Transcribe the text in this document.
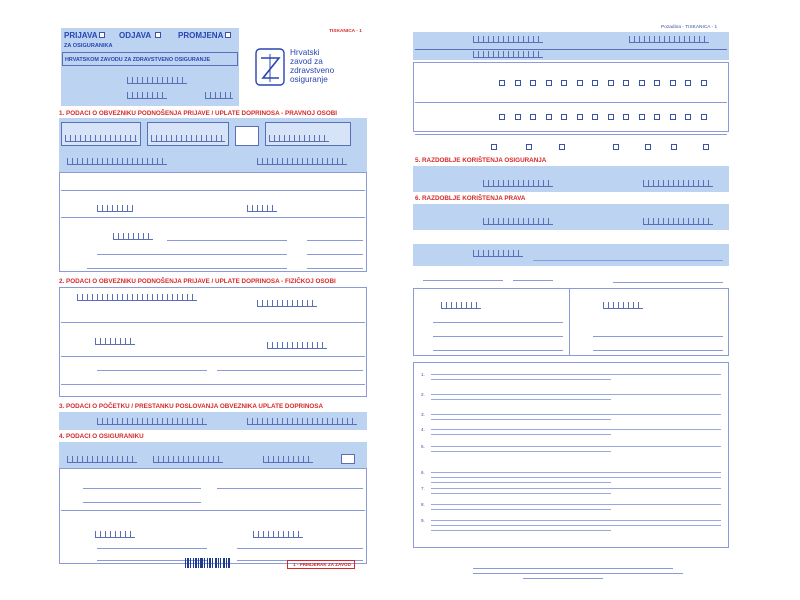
PRIJAVA	ODJAVA	PROMJENA
ZA OSIGURANIKA
HRVATSKOM ZAVODU ZA ZDRAVSTVENO OSIGURANJE
TISKANICA - 1
Hrvatski
zavod za
zdravstveno
osiguranje
1. PODACI O OBVEZNIKU PODNOŠENJA PRIJAVE / UPLATE DOPRINOSA - PRAVNOJ OSOBI
2. PODACI O OBVEZNIKU PODNOŠENJA PRIJAVE / UPLATE DOPRINOSA - FIZIČKOJ OSOBI
3. PODACI O POČETKU / PRESTANKU POSLOVANJA OBVEZNIKA UPLATE DOPRINOSA
4. PODACI O OSIGURANIKU
1 - PRIMJERAK ZA ZAVOD
Pozadina - TISKANICA - 1
5. RAZDOBLJE KORIŠTENJA OSIGURANJA
6. RAZDOBLJE KORIŠTENJA PRAVA
1.
2.
3.
4.
5.
6.
7.
8.
9.
